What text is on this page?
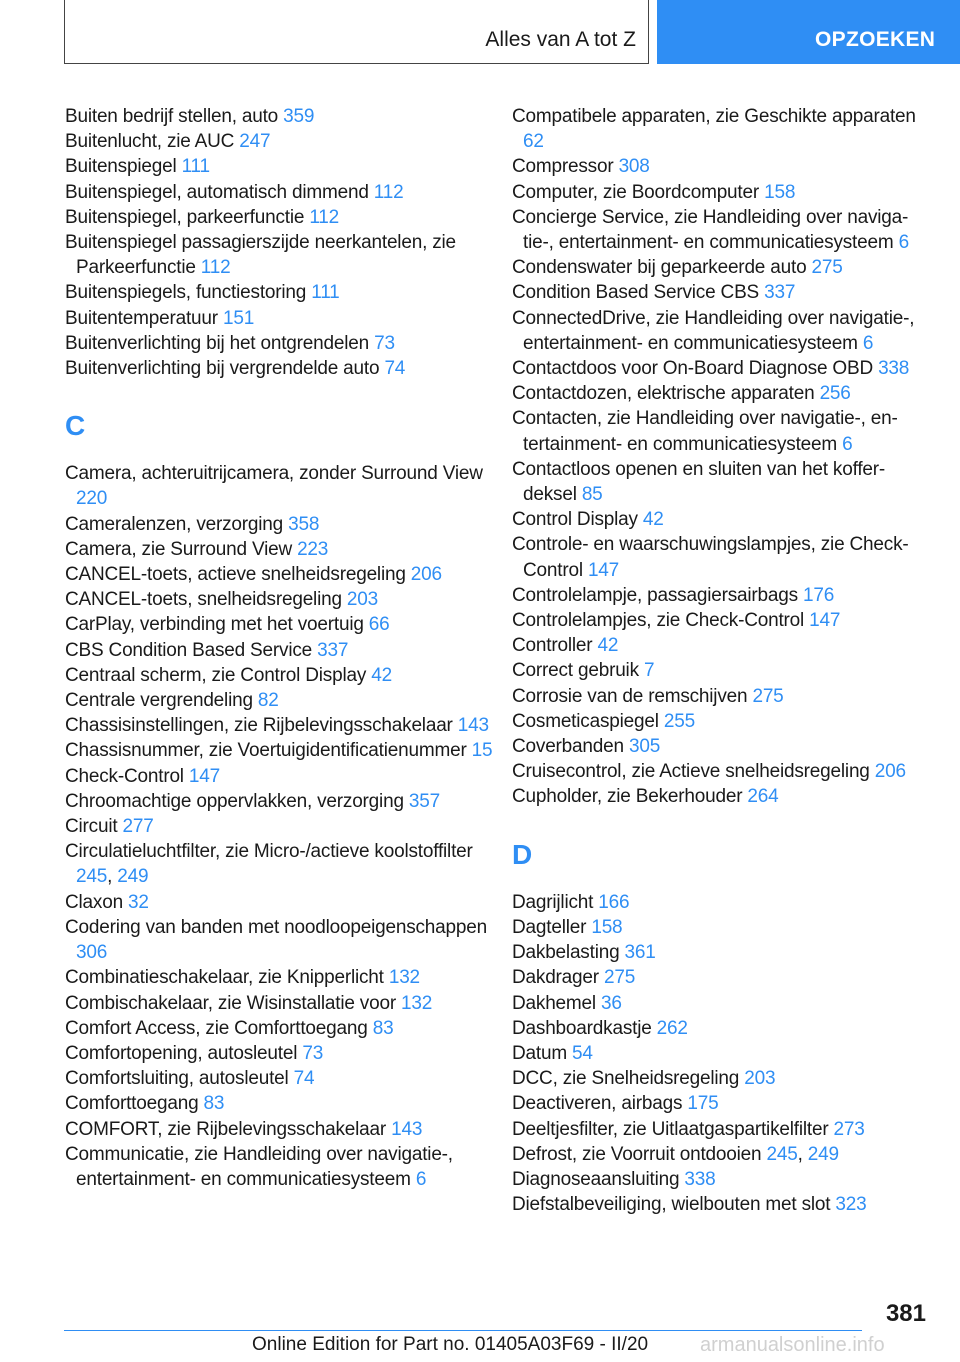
Alles van A tot Z	OPZOEKEN
Buiten bedrijf stellen, auto 359
Buitenlucht, zie AUC 247
Buitenspiegel 111
Buitenspiegel, automatisch dimmend 112
Buitenspiegel, parkeerfunctie 112
Buitenspiegel passagierszijde neerkantelen, zie Parkeerfunctie 112
Buitenspiegels, functiestoring 111
Buitentemperatuur 151
Buitenverlichting bij het ontgrendelen 73
Buitenverlichting bij vergrendelde auto 74
C
Camera, achteruitrijcamera, zonder Surround View 220
Cameralenzen, verzorging 358
Camera, zie Surround View 223
CANCEL-toets, actieve snelheidsregeling 206
CANCEL-toets, snelheidsregeling 203
CarPlay, verbinding met het voertuig 66
CBS Condition Based Service 337
Centraal scherm, zie Control Display 42
Centrale vergrendeling 82
Chassisinstellingen, zie Rijbelevingsschakelaar 143
Chassisnummer, zie Voertuigidentificatienummer 15
Check-Control 147
Chroomachtige oppervlakken, verzorging 357
Circuit 277
Circulatieluchtfilter, zie Micro-/actieve koolstoffilter 245, 249
Claxon 32
Codering van banden met noodloopeigenschappen 306
Combinatieschakelaar, zie Knipperlicht 132
Combischakelaar, zie Wisinstallatie voor 132
Comfort Access, zie Comforttoegang 83
Comfortopening, autosleutel 73
Comfortsluiting, autosleutel 74
Comforttoegang 83
COMFORT, zie Rijbelevingsschakelaar 143
Communicatie, zie Handleiding over navigatie-, entertainment- en communicatiesysteem 6
Compatibele apparaten, zie Geschikte apparaten 62
Compressor 308
Computer, zie Boordcomputer 158
Concierge Service, zie Handleiding over navigatie-, entertainment- en communicatiesysteem 6
Condenswater bij geparkeerde auto 275
Condition Based Service CBS 337
ConnectedDrive, zie Handleiding over navigatie-, entertainment- en communicatiesysteem 6
Contactdoos voor On-Board Diagnose OBD 338
Contactdozen, elektrische apparaten 256
Contacten, zie Handleiding over navigatie-, entertainment- en communicatiesysteem 6
Contactloos openen en sluiten van het kofferdeksel 85
Control Display 42
Controle- en waarschuwingslampjes, zie Check-Control 147
Controlelampje, passagiersairbags 176
Controlelampjes, zie Check-Control 147
Controller 42
Correct gebruik 7
Corrosie van de remschijven 275
Cosmeticaspiegel 255
Coverbanden 305
Cruisecontrol, zie Actieve snelheidsregeling 206
Cupholder, zie Bekerhouder 264
D
Dagrijlicht 166
Dagteller 158
Dakbelasting 361
Dakdrager 275
Dakhemel 36
Dashboardkastje 262
Datum 54
DCC, zie Snelheidsregeling 203
Deactiveren, airbags 175
Deeltjesfilter, zie Uitlaatgaspartikelfilter 273
Defrost, zie Voorruit ontdooien 245, 249
Diagnoseaansluiting 338
Diefstalbeveiliging, wielbouten met slot 323
381
Online Edition for Part no. 01405A03F69 - II/20	armanualsonline.info
